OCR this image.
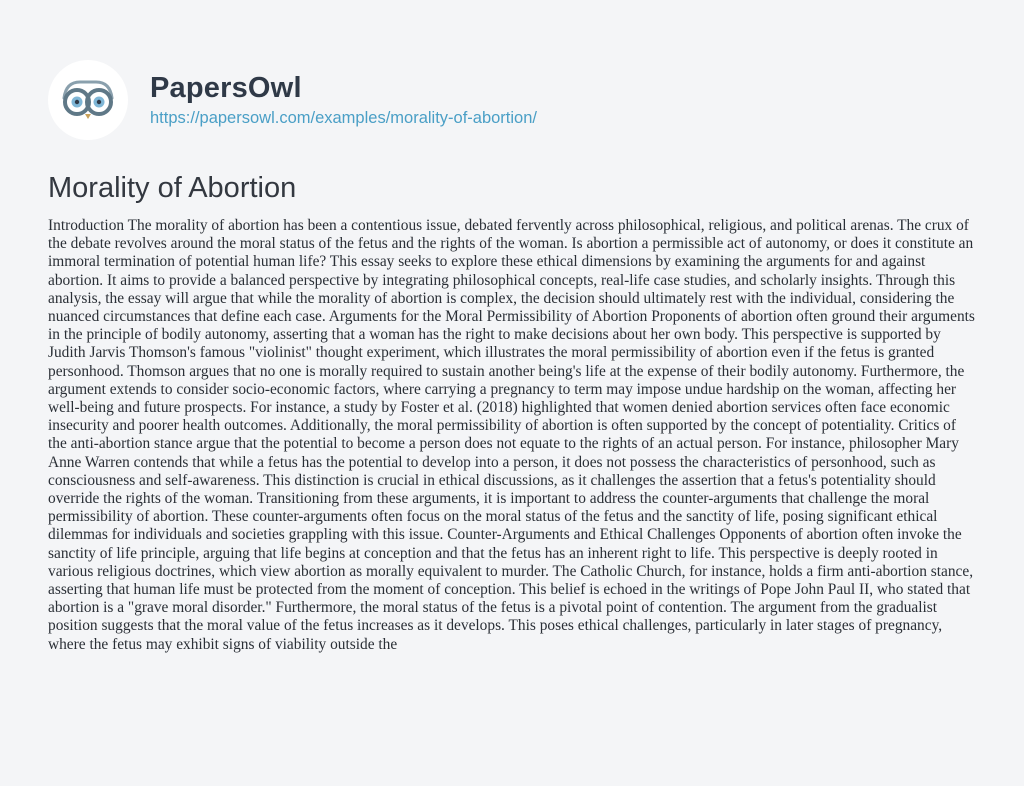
PapersOwl
https://papersowl.com/examples/morality-of-abortion/
Morality of Abortion

Introduction The morality of abortion has been a contentious issue, debated fervently across philosophical, religious, and political arenas. The crux of the debate revolves around the moral status of the fetus and the rights of the woman. Is abortion a permissible act of autonomy, or does it constitute an immoral termination of potential human life? This essay seeks to explore these ethical dimensions by examining the arguments for and against abortion. It aims to provide a balanced perspective by integrating philosophical concepts, real-life case studies, and scholarly insights. Through this analysis, the essay will argue that while the morality of abortion is complex, the decision should ultimately rest with the individual, considering the nuanced circumstances that define each case. Arguments for the Moral Permissibility of Abortion Proponents of abortion often ground their arguments in the principle of bodily autonomy, asserting that a woman has the right to make decisions about her own body. This perspective is supported by Judith Jarvis Thomson's famous "violinist" thought experiment, which illustrates the moral permissibility of abortion even if the fetus is granted personhood. Thomson argues that no one is morally required to sustain another being's life at the expense of their bodily autonomy. Furthermore, the argument extends to consider socio-economic factors, where carrying a pregnancy to term may impose undue hardship on the woman, affecting her well-being and future prospects. For instance, a study by Foster et al. (2018) highlighted that women denied abortion services often face economic insecurity and poorer health outcomes. Additionally, the moral permissibility of abortion is often supported by the concept of potentiality. Critics of the anti-abortion stance argue that the potential to become a person does not equate to the rights of an actual person. For instance, philosopher Mary Anne Warren contends that while a fetus has the potential to develop into a person, it does not possess the characteristics of personhood, such as consciousness and self-awareness. This distinction is crucial in ethical discussions, as it challenges the assertion that a fetus's potentiality should override the rights of the woman. Transitioning from these arguments, it is important to address the counter-arguments that challenge the moral permissibility of abortion. These counter-arguments often focus on the moral status of the fetus and the sanctity of life, posing significant ethical dilemmas for individuals and societies grappling with this issue. Counter-Arguments and Ethical Challenges Opponents of abortion often invoke the sanctity of life principle, arguing that life begins at conception and that the fetus has an inherent right to life. This perspective is deeply rooted in various religious doctrines, which view abortion as morally equivalent to murder. The Catholic Church, for instance, holds a firm anti-abortion stance, asserting that human life must be protected from the moment of conception. This belief is echoed in the writings of Pope John Paul II, who stated that abortion is a "grave moral disorder." Furthermore, the moral status of the fetus is a pivotal point of contention. The argument from the gradualist position suggests that the moral value of the fetus increases as it develops. This poses ethical challenges, particularly in later stages of pregnancy, where the fetus may exhibit signs of viability outside the
